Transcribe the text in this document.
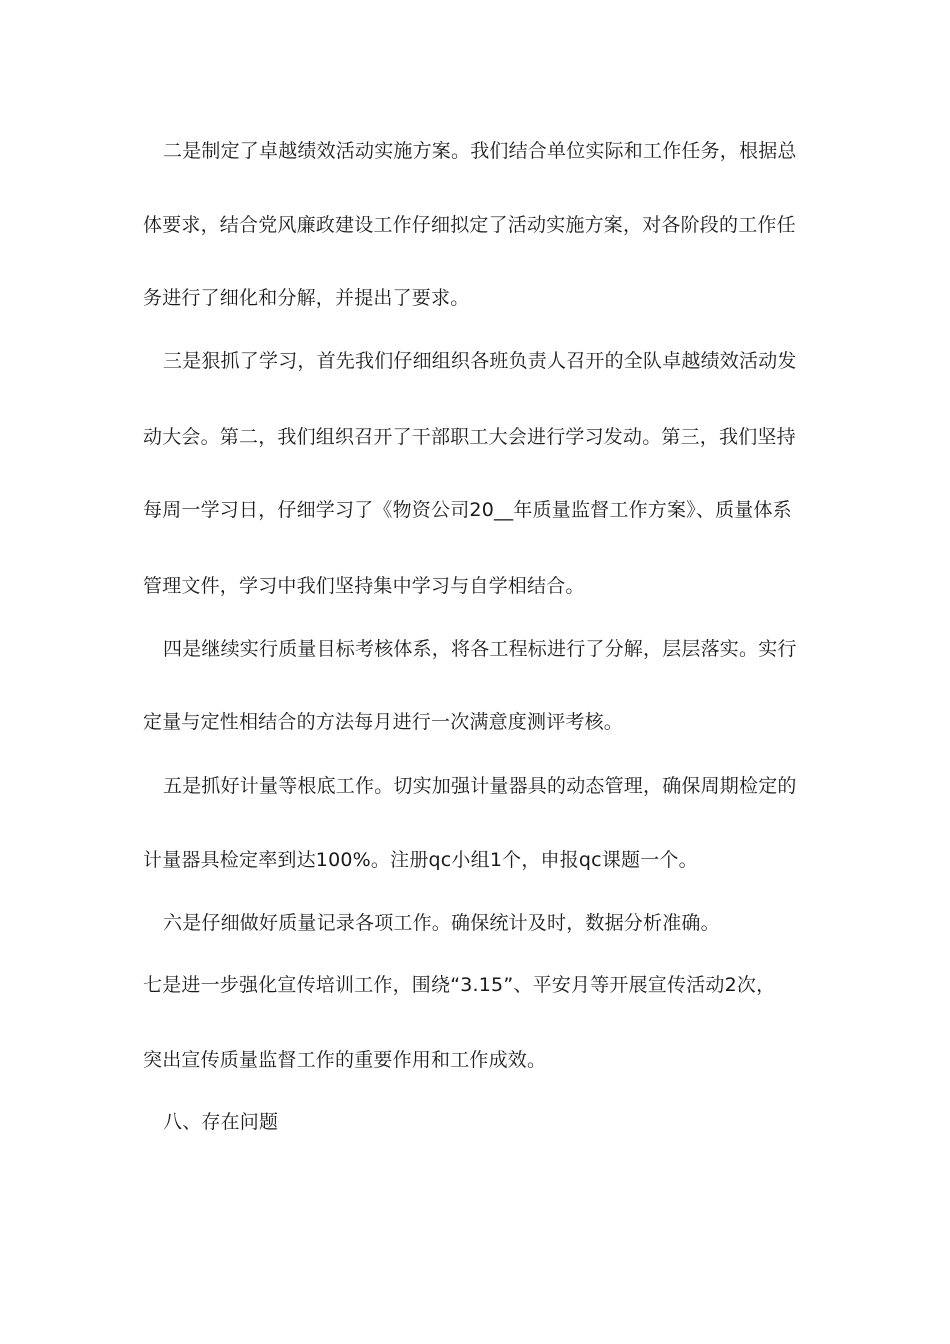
二是制定了卓越绩效活动实施方案。我们结合单位实际和工作任务，根据总
体要求，结合党风廉政建设工作仔细拟定了活动实施方案，对各阶段的工作任
务进行了细化和分解，并提出了要求。
三是狠抓了学习，首先我们仔细组织各班负责人召开的全队卓越绩效活动发
动大会。第二，我们组织召开了干部职工大会进行学习发动。第三，我们坚持
每周一学习日，仔细学习了《物资公司20__年质量监督工作方案》、质量体系
管理文件，学习中我们坚持集中学习与自学相结合。
四是继续实行质量目标考核体系，将各工程标进行了分解，层层落实。实行
定量与定性相结合的方法每月进行一次满意度测评考核。
五是抓好计量等根底工作。切实加强计量器具的动态管理，确保周期检定的
计量器具检定率到达100%。注册qc小组1个，申报qc课题一个。
六是仔细做好质量记录各项工作。确保统计及时，数据分析准确。
七是进一步强化宣传培训工作，围绕“3.15”、平安月等开展宣传活动2次，
突出宣传质量监督工作的重要作用和工作成效。
八、存在问题
